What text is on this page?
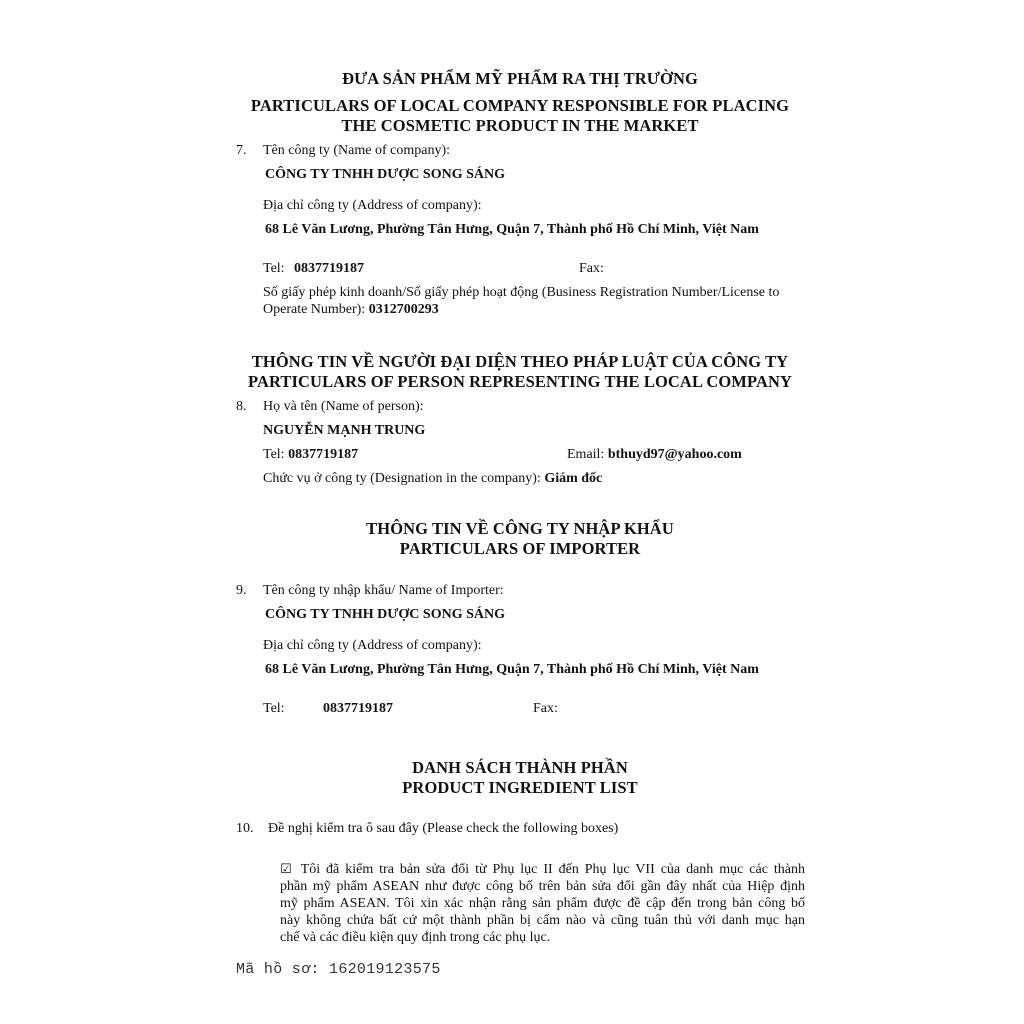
ĐƯA SẢN PHẨM MỸ PHẨM RA THỊ TRƯỜNG
PARTICULARS OF LOCAL COMPANY RESPONSIBLE FOR PLACING
THE COSMETIC PRODUCT IN THE MARKET
7. Tên công ty (Name of company):
CÔNG TY TNHH DƯỢC SONG SÁNG
Địa chỉ công ty (Address of company):
68 Lê Văn Lương, Phường Tân Hưng, Quận 7, Thành phố Hồ Chí Minh, Việt Nam
Tel: 0837719187	Fax:
Số giấy phép kinh doanh/Số giấy phép hoạt động (Business Registration Number/License to
Operate Number): 0312700293
THÔNG TIN VỀ NGƯỜI ĐẠI DIỆN THEO PHÁP LUẬT CỦA CÔNG TY
PARTICULARS OF PERSON REPRESENTING THE LOCAL COMPANY
8. Họ và tên (Name of person):
NGUYỄN MẠNH TRUNG
Tel: 0837719187	Email: bthuyd97@yahoo.com
Chức vụ ở công ty (Designation in the company): Giám đốc
THÔNG TIN VỀ CÔNG TY NHẬP KHẨU
PARTICULARS OF IMPORTER
9. Tên công ty nhập khẩu/ Name of Importer:
CÔNG TY TNHH DƯỢC SONG SÁNG
Địa chỉ công ty (Address of company):
68 Lê Văn Lương, Phường Tân Hưng, Quận 7, Thành phố Hồ Chí Minh, Việt Nam
Tel:	0837719187	Fax:
DANH SÁCH THÀNH PHẦN
PRODUCT INGREDIENT LIST
10. Đề nghị kiểm tra ô sau đây (Please check the following boxes)
☑ Tôi đã kiểm tra bản sửa đổi từ Phụ lục II đến Phụ lục VII của danh mục các thành
phần mỹ phẩm ASEAN như được công bố trên bản sửa đổi gần đây nhất của Hiệp định
mỹ phẩm ASEAN. Tôi xin xác nhận rằng sản phẩm được đề cập đến trong bản công bố
này không chứa bất cứ một thành phần bị cấm nào và cũng tuân thủ với danh mục hạn
chế và các điều kiện quy định trong các phụ lục.
Mã hồ sơ: 162019123575
